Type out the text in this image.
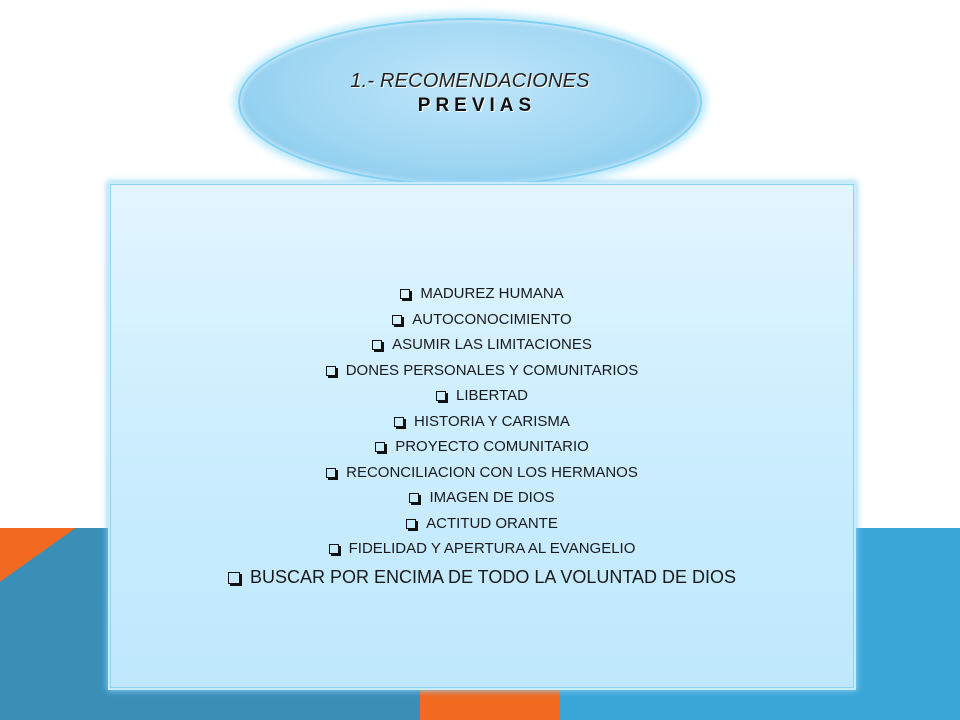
1.- RECOMENDACIONES
PREVIAS
MADUREZ HUMANA
AUTOCONOCIMIENTO
ASUMIR LAS LIMITACIONES
DONES PERSONALES Y COMUNITARIOS
LIBERTAD
HISTORIA Y CARISMA
PROYECTO COMUNITARIO
RECONCILIACION CON LOS HERMANOS
IMAGEN DE DIOS
ACTITUD ORANTE
FIDELIDAD Y APERTURA AL EVANGELIO
BUSCAR POR ENCIMA DE TODO LA VOLUNTAD DE DIOS
